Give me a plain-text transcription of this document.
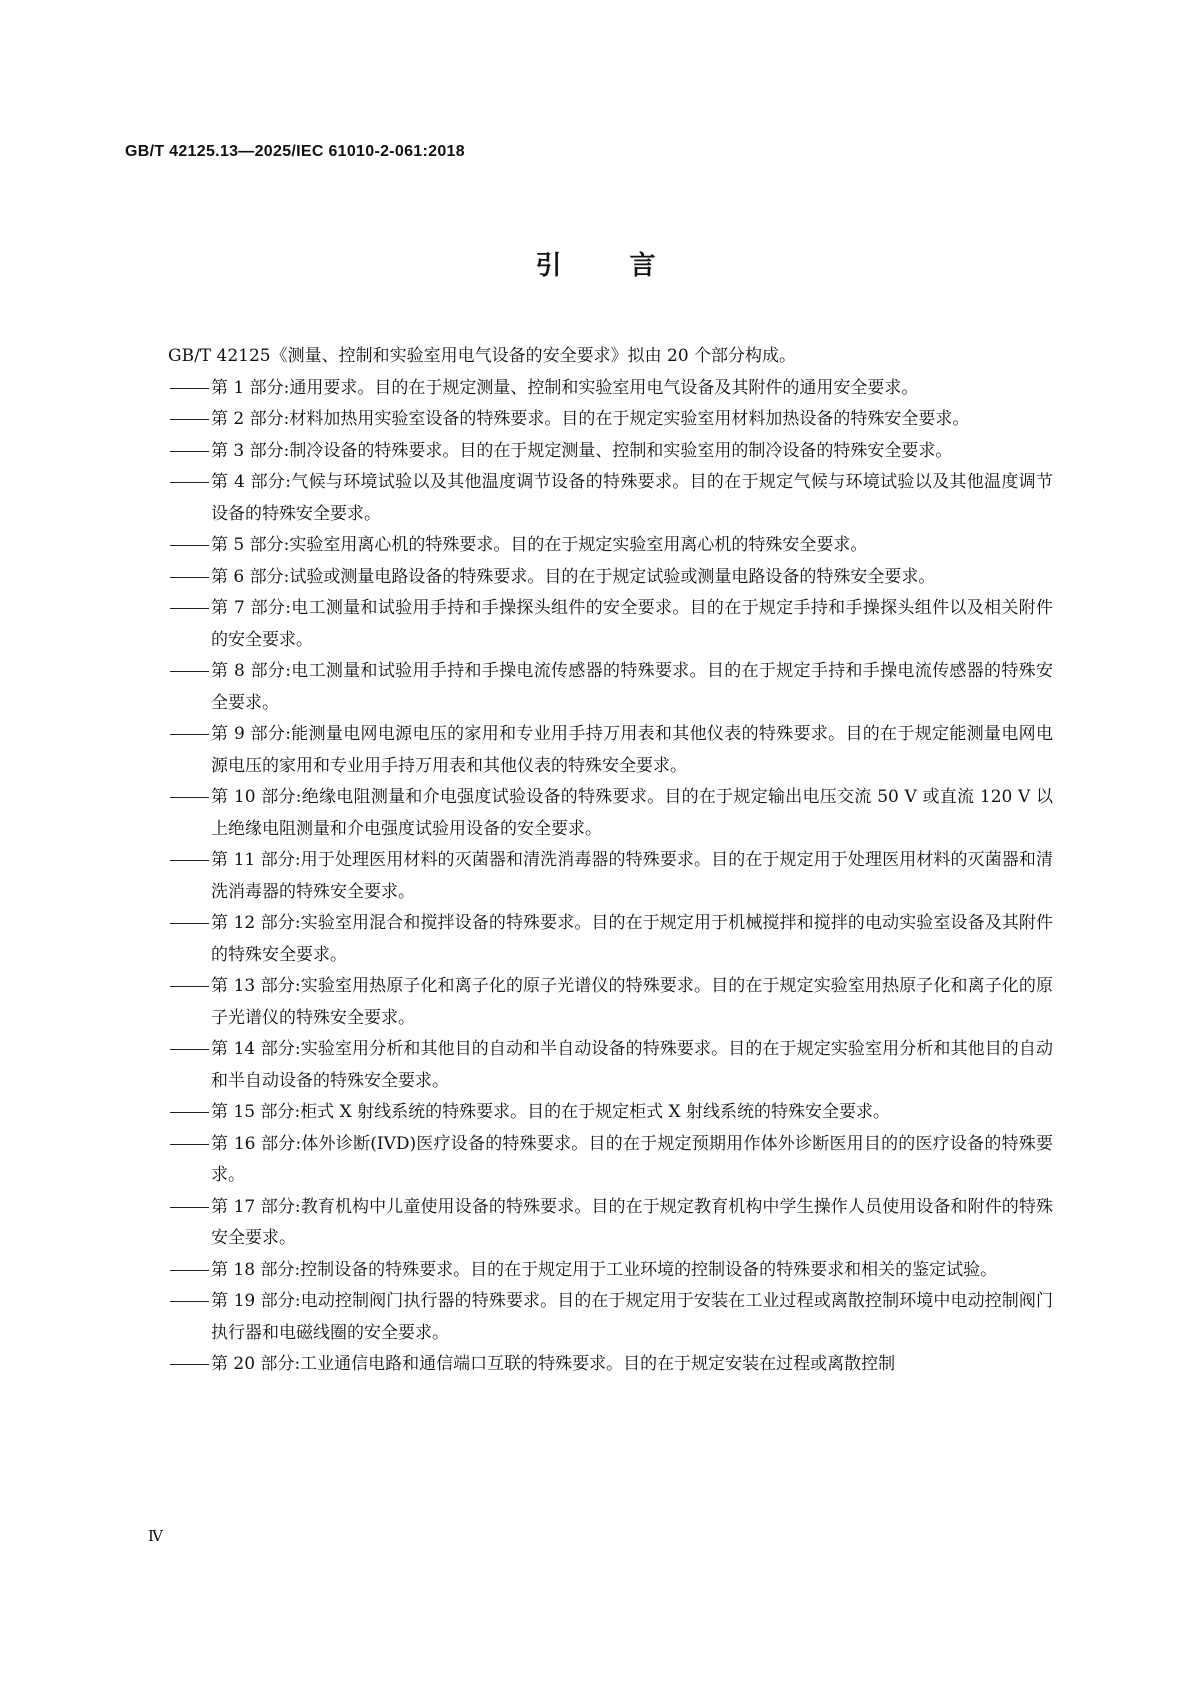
GB/T 42125.13—2025/IEC 61010-2-061:2018
引言

GB/T 42125《测量、控制和实验室用电气设备的安全要求》拟由 20 个部分构成。

第 1 部分:通用要求。目的在于规定测量、控制和实验室用电气设备及其附件的通用安全要求。

第 2 部分:材料加热用实验室设备的特殊要求。目的在于规定实验室用材料加热设备的特殊安全要求。

第 3 部分:制冷设备的特殊要求。目的在于规定测量、控制和实验室用的制冷设备的特殊安全要求。

第 4 部分:气候与环境试验以及其他温度调节设备的特殊要求。目的在于规定气候与环境试验以及其他温度调节设备的特殊安全要求。

第 5 部分:实验室用离心机的特殊要求。目的在于规定实验室用离心机的特殊安全要求。

第 6 部分:试验或测量电路设备的特殊要求。目的在于规定试验或测量电路设备的特殊安全要求。

第 7 部分:电工测量和试验用手持和手操探头组件的安全要求。目的在于规定手持和手操探头组件以及相关附件的安全要求。

第 8 部分:电工测量和试验用手持和手操电流传感器的特殊要求。目的在于规定手持和手操电流传感器的特殊安全要求。

第 9 部分:能测量电网电源电压的家用和专业用手持万用表和其他仪表的特殊要求。目的在于规定能测量电网电源电压的家用和专业用手持万用表和其他仪表的特殊安全要求。

第 10 部分:绝缘电阻测量和介电强度试验设备的特殊要求。目的在于规定输出电压交流 50 V 或直流 120 V 以上绝缘电阻测量和介电强度试验用设备的安全要求。

第 11 部分:用于处理医用材料的灭菌器和清洗消毒器的特殊要求。目的在于规定用于处理医用材料的灭菌器和清洗消毒器的特殊安全要求。

第 12 部分:实验室用混合和搅拌设备的特殊要求。目的在于规定用于机械搅拌和搅拌的电动实验室设备及其附件的特殊安全要求。

第 13 部分:实验室用热原子化和离子化的原子光谱仪的特殊要求。目的在于规定实验室用热原子化和离子化的原子光谱仪的特殊安全要求。

第 14 部分:实验室用分析和其他目的自动和半自动设备的特殊要求。目的在于规定实验室用分析和其他目的自动和半自动设备的特殊安全要求。

第 15 部分:柜式 X 射线系统的特殊要求。目的在于规定柜式 X 射线系统的特殊安全要求。

第 16 部分:体外诊断(IVD)医疗设备的特殊要求。目的在于规定预期用作体外诊断医用目的的医疗设备的特殊要求。

第 17 部分:教育机构中儿童使用设备的特殊要求。目的在于规定教育机构中学生操作人员使用设备和附件的特殊安全要求。

第 18 部分:控制设备的特殊要求。目的在于规定用于工业环境的控制设备的特殊要求和相关的鉴定试验。

第 19 部分:电动控制阀门执行器的特殊要求。目的在于规定用于安装在工业过程或离散控制环境中电动控制阀门执行器和电磁线圈的安全要求。

第 20 部分:工业通信电路和通信端口互联的特殊要求。目的在于规定安装在过程或离散控制

Ⅳ
